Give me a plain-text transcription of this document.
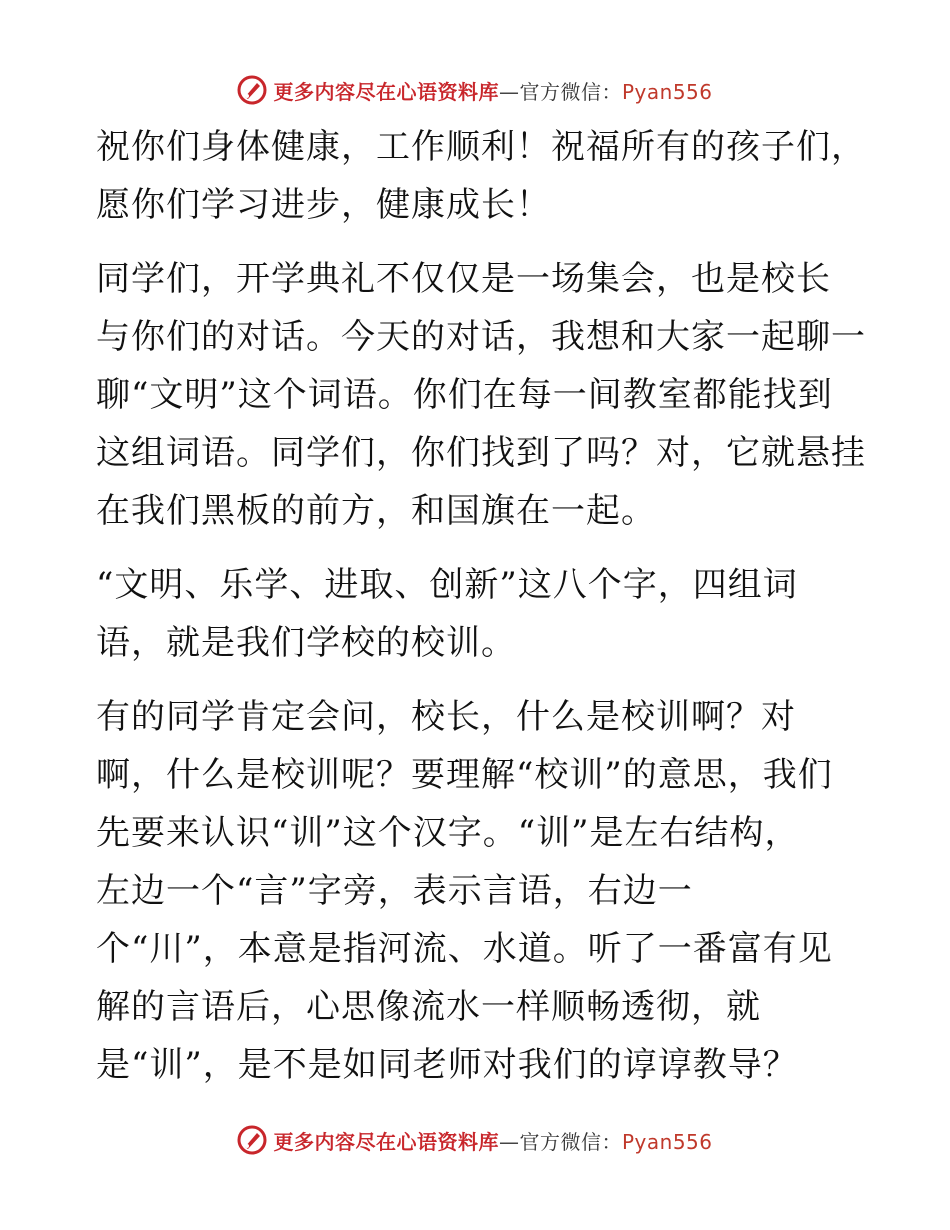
更多内容尽在心语资料库—官方微信：Pyan556
祝你们身体健康，工作顺利！祝福所有的孩子们，
愿你们学习进步，健康成长！
同学们，开学典礼不仅仅是一场集会，也是校长
与你们的对话。今天的对话，我想和大家一起聊一
聊“文明”这个词语。你们在每一间教室都能找到
这组词语。同学们，你们找到了吗？对，它就悬挂
在我们黑板的前方，和国旗在一起。
“文明、乐学、进取、创新”这八个字，四组词
语，就是我们学校的校训。
有的同学肯定会问，校长，什么是校训啊？对
啊，什么是校训呢？要理解“校训”的意思，我们
先要来认识“训”这个汉字。“训”是左右结构，
左边一个“言”字旁，表示言语，右边一
个“川”，本意是指河流、水道。听了一番富有见
解的言语后，心思像流水一样顺畅透彻，就
是“训”，是不是如同老师对我们的谆谆教导？
更多内容尽在心语资料库—官方微信：Pyan556
